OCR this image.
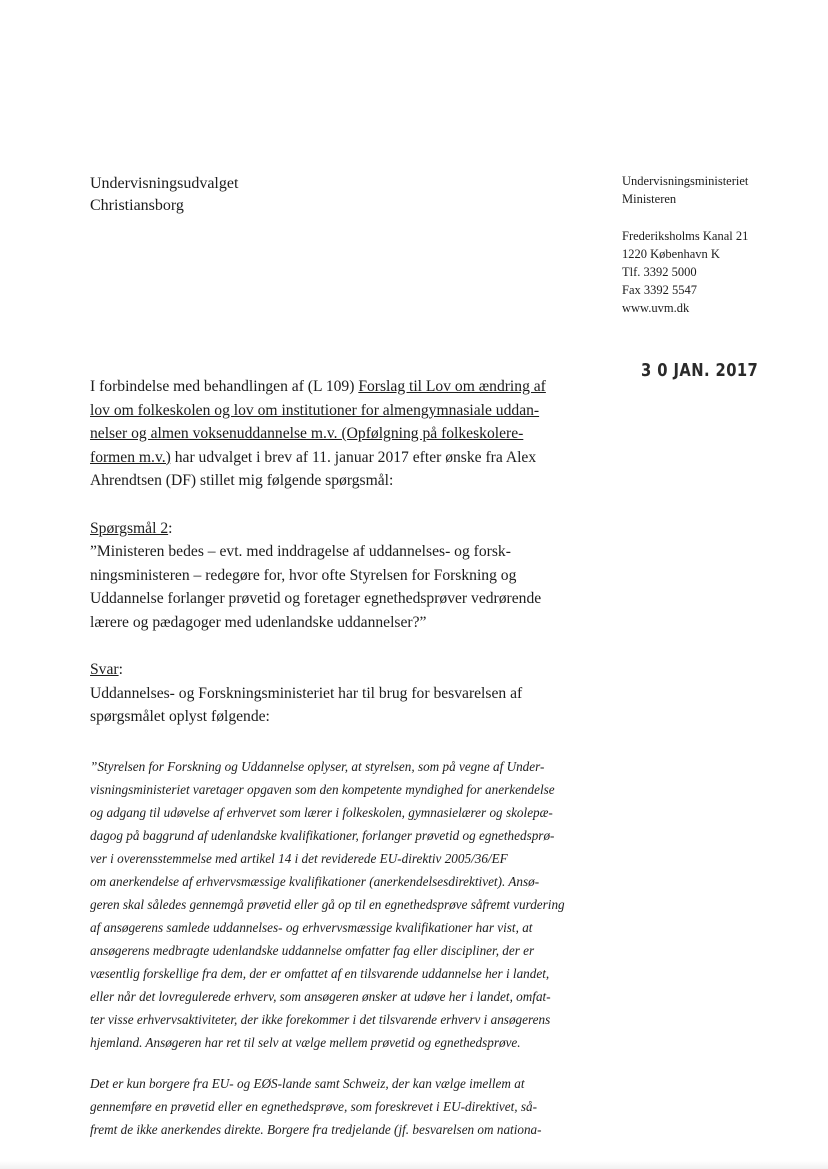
Undervisningsudvalget
Christiansborg
Undervisningsministeriet
Ministeren
Frederiksholms Kanal 21
1220 København K
Tlf. 3392 5000
Fax 3392 5547
www.uvm.dk
3 0 JAN. 2017
I forbindelse med behandlingen af (L 109) Forslag til Lov om ændring af
lov om folkeskolen og lov om institutioner for almengymnasiale uddan-
nelser og almen voksenuddannelse m.v. (Opfølgning på folkeskolere-
formen m.v.) har udvalget i brev af 11. januar 2017 efter ønske fra Alex
Ahrendtsen (DF) stillet mig følgende spørgsmål:
Spørgsmål 2:
”Ministeren bedes – evt. med inddragelse af uddannelses- og forsk-
ningsministeren – redegøre for, hvor ofte Styrelsen for Forskning og
Uddannelse forlanger prøvetid og foretager egnethedsprøver vedrørende
lærere og pædagoger med udenlandske uddannelser?”
Svar:
Uddannelses- og Forskningsministeriet har til brug for besvarelsen af
spørgsmålet oplyst følgende:
”Styrelsen for Forskning og Uddannelse oplyser, at styrelsen, som på vegne af Under-
visningsministeriet varetager opgaven som den kompetente myndighed for anerkendelse
og adgang til udøvelse af erhvervet som lærer i folkeskolen, gymnasielærer og skolepæ-
dagog på baggrund af udenlandske kvalifikationer, forlanger prøvetid og egnethedsprø-
ver i overensstemmelse med artikel 14 i det reviderede EU-direktiv 2005/36/EF
om anerkendelse af erhvervsmæssige kvalifikationer (anerkendelsesdirektivet). Ansø-
geren skal således gennemgå prøvetid eller gå op til en egnethedsprøve såfremt vurdering
af ansøgerens samlede uddannelses- og erhvervsmæssige kvalifikationer har vist, at
ansøgerens medbragte udenlandske uddannelse omfatter fag eller discipliner, der er
væsentlig forskellige fra dem, der er omfattet af en tilsvarende uddannelse her i landet,
eller når det lovregulerede erhverv, som ansøgeren ønsker at udøve her i landet, omfat-
ter visse erhvervsaktiviteter, der ikke forekommer i det tilsvarende erhverv i ansøgerens
hjemland. Ansøgeren har ret til selv at vælge mellem prøvetid og egnethedsprøve.
Det er kun borgere fra EU- og EØS-lande samt Schweiz, der kan vælge imellem at
gennemføre en prøvetid eller en egnethedsprøve, som foreskrevet i EU-direktivet, så-
fremt de ikke anerkendes direkte. Borgere fra tredjelande (jf. besvarelsen om nationa-
